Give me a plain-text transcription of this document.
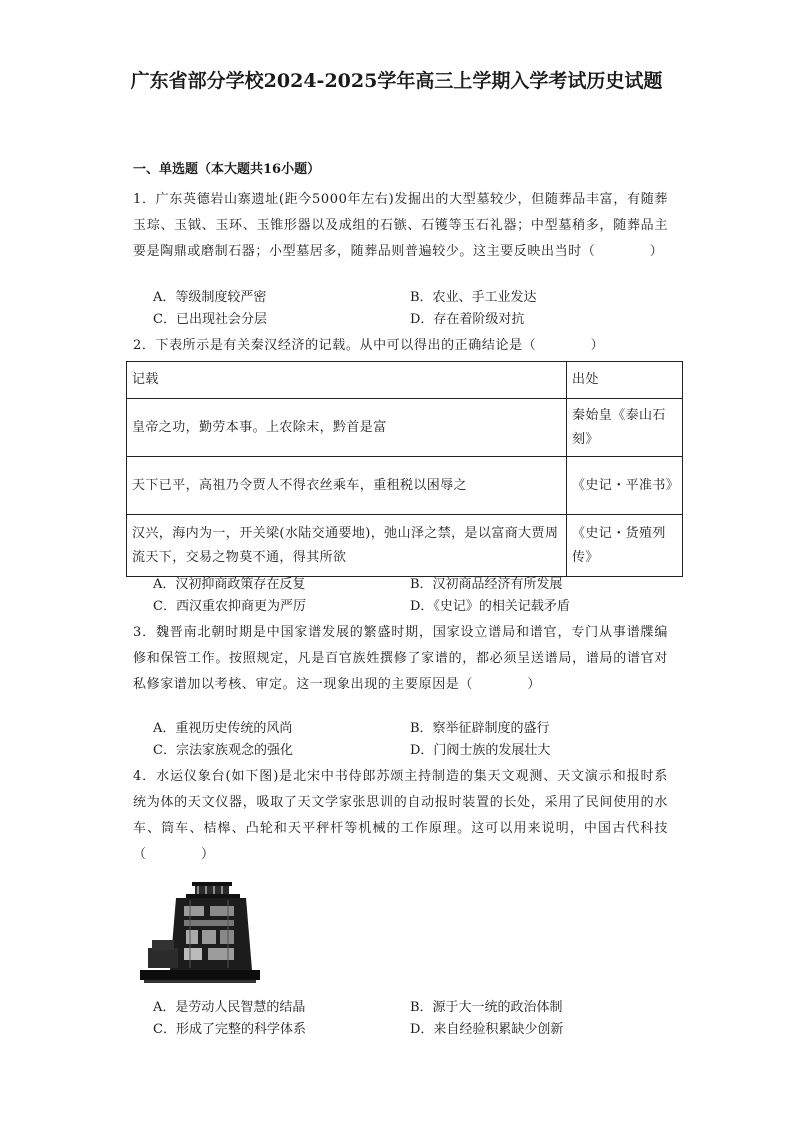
广东省部分学校2024-2025学年高三上学期入学考试历史试题
一、单选题（本大题共16小题）
1．广东英德岩山寨遗址(距今5000年左右)发掘出的大型墓较少，但随葬品丰富，有随葬玉琮、玉钺、玉环、玉锥形器以及成组的石镞、石镬等玉石礼器；中型墓稍多，随葬品主要是陶鼎或磨制石器；小型墓居多，随葬品则普遍较少。这主要反映出当时（　　　　）
A．等级制度较严密	B．农业、手工业发达
C．已出现社会分层	D．存在着阶级对抗
2．下表所示是有关秦汉经济的记载。从中可以得出的正确结论是（　　　　）
记载	出处
皇帝之功，勤劳本事。上农除末，黔首是富	秦始皇《泰山石刻》
天下已平，高祖乃令贾人不得衣丝乘车，重租税以困辱之	《史记・平准书》
汉兴，海内为一，开关梁(水陆交通要地)，弛山泽之禁，是以富商大贾周流天下，交易之物莫不通，得其所欲	《史记・货殖列传》
A．汉初抑商政策存在反复	B．汉初商品经济有所发展
C．西汉重农抑商更为严厉	D．《史记》的相关记载矛盾
3．魏晋南北朝时期是中国家谱发展的繁盛时期，国家设立谱局和谱官，专门从事谱牒编修和保管工作。按照规定，凡是百官族姓撰修了家谱的，都必须呈送谱局，谱局的谱官对私修家谱加以考核、审定。这一现象出现的主要原因是（　　　　）
A．重视历史传统的风尚	B．察举征辟制度的盛行
C．宗法家族观念的强化	D．门阀士族的发展壮大
4．水运仪象台(如下图)是北宋中书侍郎苏颂主持制造的集天文观测、天文演示和报时系统为体的天文仪器，吸取了天文学家张思训的自动报时装置的长处，采用了民间使用的水车、筒车、桔槔、凸轮和天平秤杆等机械的工作原理。这可以用来说明，中国古代科技（　　　　）
A．是劳动人民智慧的结晶	B．源于大一统的政治体制
C．形成了完整的科学体系	D．来自经验积累缺少创新
